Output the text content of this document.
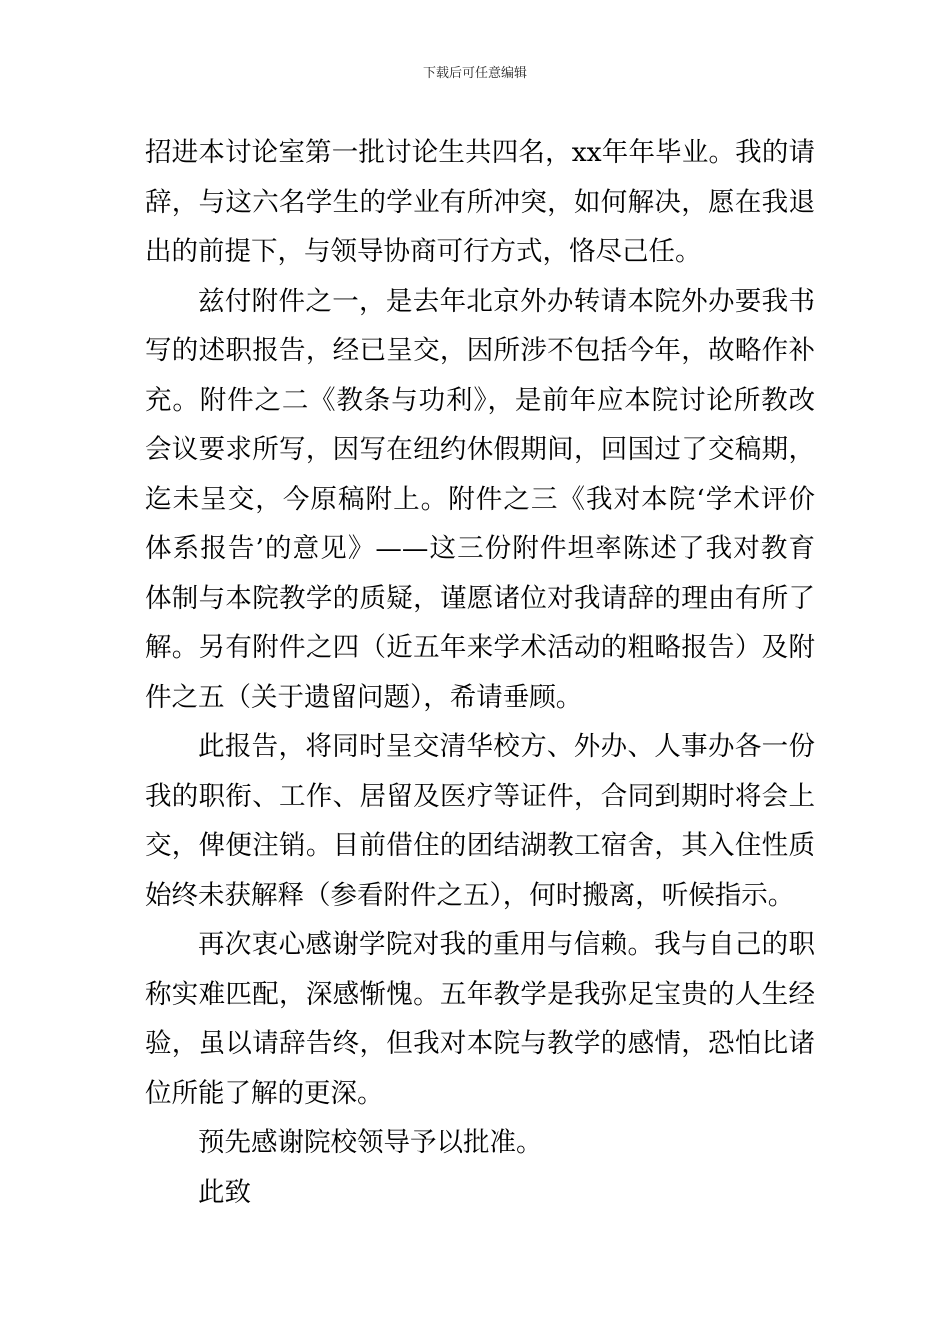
下载后可任意编辑

招进本讨论室第一批讨论生共四名，xx年年毕业。我的请辞，与这六名学生的学业有所冲突，如何解决，愿在我退出的前提下，与领导协商可行方式，恪尽己任。

兹付附件之一，是去年北京外办转请本院外办要我书写的述职报告，经已呈交，因所涉不包括今年，故略作补充。附件之二《教条与功利》，是前年应本院讨论所教改会议要求所写，因写在纽约休假期间，回国过了交稿期，迄未呈交，今原稿附上。附件之三《我对本院‘学术评价体系报告’的意见》——这三份附件坦率陈述了我对教育体制与本院教学的质疑，谨愿诸位对我请辞的理由有所了解。另有附件之四（近五年来学术活动的粗略报告）及附件之五（关于遗留问题），希请垂顾。

此报告，将同时呈交清华校方、外办、人事办各一份我的职衔、工作、居留及医疗等证件，合同到期时将会上交，俾便注销。目前借住的团结湖教工宿舍，其入住性质始终未获解释（参看附件之五），何时搬离，听候指示。

再次衷心感谢学院对我的重用与信赖。我与自己的职称实难匹配，深感惭愧。五年教学是我弥足宝贵的人生经验，虽以请辞告终，但我对本院与教学的感情，恐怕比诸位所能了解的更深。

预先感谢院校领导予以批准。

此致
